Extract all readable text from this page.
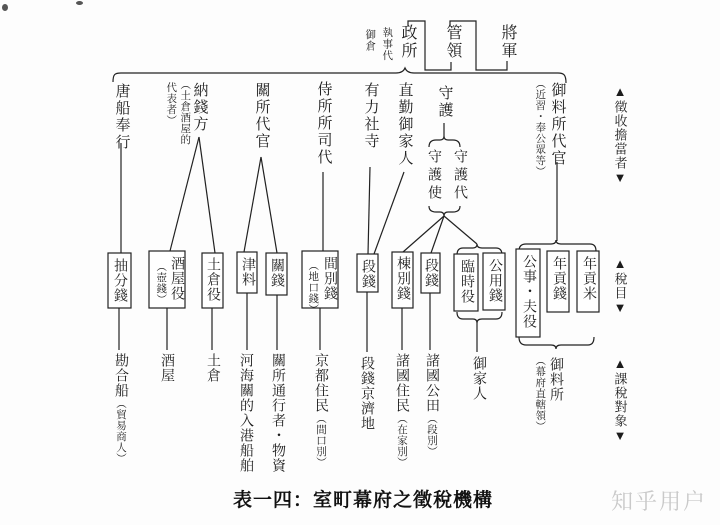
將軍
管領
政所
執事代
御倉
▲徵收擔當者▼
▲稅目▼
▲課稅對象▼
唐船奉行	納錢方
（土倉酒屋的
代表者）	關所代官	侍所所司代 有力社寺 直勤御家人 守護
守護使 守護代
御料所代官
（近習・奉公眾等）
抽分錢	酒屋役
（壺錢）	土倉役 津料 關錢	間別錢
（地口錢）	段錢 棟別錢 段錢 臨時役 公用錢 公事・夫役 年貢錢 年貢米
勘合船（貿易商人）
酒屋 土倉 河海關的入港船舶 關所通行者・物資 京都住民（間口別）
段錢京濟地 諸國住民（在家別）
諸國公田（段別）
御家人	御料所
（幕府直轄領）
表一四：室町幕府之徵稅機構	知乎用户
